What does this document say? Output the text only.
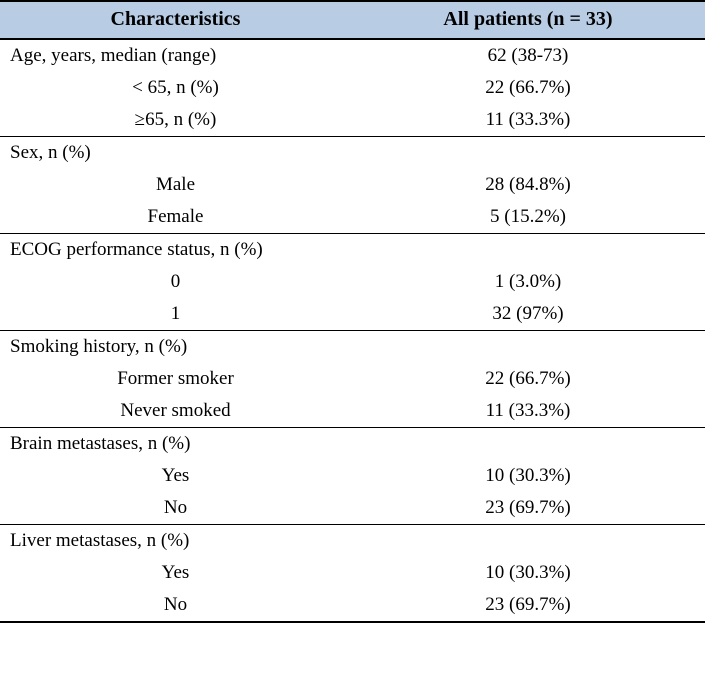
Characteristics	All patients (n = 33)
Age, years, median (range)	62 (38-73)
< 65, n (%)	22 (66.7%)
≥65, n (%)	11 (33.3%)
Sex, n (%)	
Male	28 (84.8%)
Female	5 (15.2%)
ECOG performance status, n (%)	
0	1 (3.0%)
1	32 (97%)
Smoking history, n (%)	
Former smoker	22 (66.7%)
Never smoked	11 (33.3%)
Brain metastases, n (%)	
Yes	10 (30.3%)
No	23 (69.7%)
Liver metastases, n (%)	
Yes	10 (30.3%)
No	23 (69.7%)
